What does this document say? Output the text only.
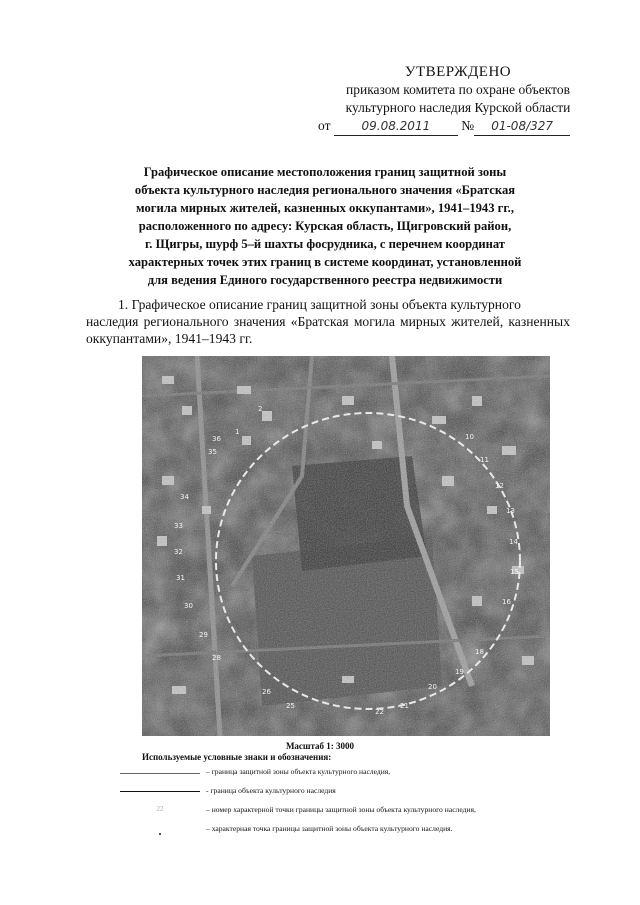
УТВЕРЖДЕНО
приказом комитета по охране объектов
культурного наследия Курской области
от	09.08.2011 № 01-08/327
Графическое описание местоположения границ защитной зоны
объекта культурного наследия регионального значения «Братская
могила мирных жителей, казненных оккупантами», 1941–1943 гг.,
расположенного по адресу: Курская область, Щигровский район,
г. Щигры, шурф 5–й шахты фосрудника, с перечнем координат
характерных точек этих границ в системе координат, установленной
для ведения Единого государственного реестра недвижимости
1. Графическое описание границ защитной зоны объекта культурного
наследия регионального значения «Братская могила мирных жителей, казненных оккупантами», 1941–1943 гг.
1
2
10
11
12
13
14
15
16
18
19
20
21
22
25
26
28
29
30
31
32
33
34
35
36
Масштаб 1: 3000
Используемые условные знаки и обозначения:
– граница защитной зоны объекта культурного наследия,
- граница объекта культурного наследия
22	– номер характерной точки границы защитной зоны объекта культурного наследия,
– характерная точка границы защитной зоны объекта культурного наследия.
